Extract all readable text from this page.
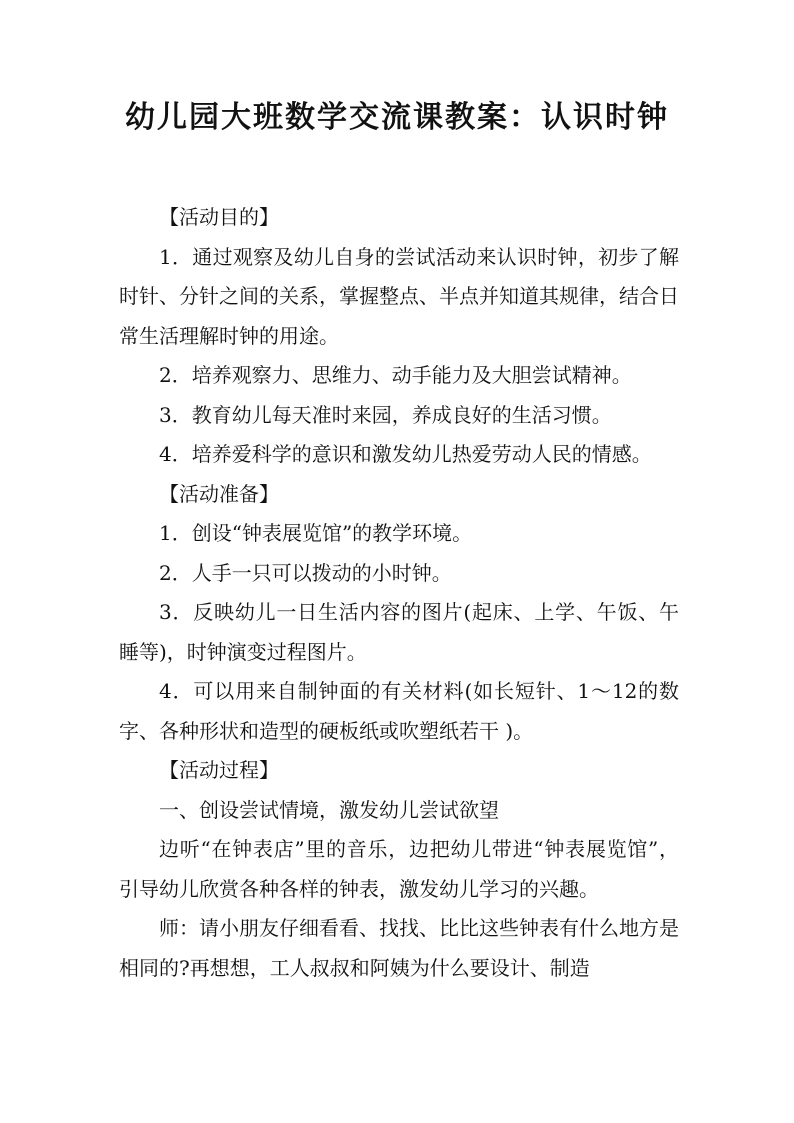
幼儿园大班数学交流课教案：认识时钟

【活动目的】

1．通过观察及幼儿自身的尝试活动来认识时钟，初步了解时针、分针之间的关系，掌握整点、半点并知道其规律，结合日常生活理解时钟的用途。

2．培养观察力、思维力、动手能力及大胆尝试精神。

3．教育幼儿每天准时来园，养成良好的生活习惯。

4．培养爱科学的意识和激发幼儿热爱劳动人民的情感。

【活动准备】

1．创设“钟表展览馆”的教学环境。

2．人手一只可以拨动的小时钟。

3．反映幼儿一日生活内容的图片(起床、上学、午饭、午睡等)，时钟演变过程图片。

4．可以用来自制钟面的有关材料(如长短针、1～12的数字、各种形状和造型的硬板纸或吹塑纸若干 )。

【活动过程】

一、创设尝试情境，激发幼儿尝试欲望

边听“在钟表店”里的音乐，边把幼儿带进“钟表展览馆”，引导幼儿欣赏各种各样的钟表，激发幼儿学习的兴趣。

师：请小朋友仔细看看、找找、比比这些钟表有什么地方是相同的?再想想，工人叔叔和阿姨为什么要设计、制造
